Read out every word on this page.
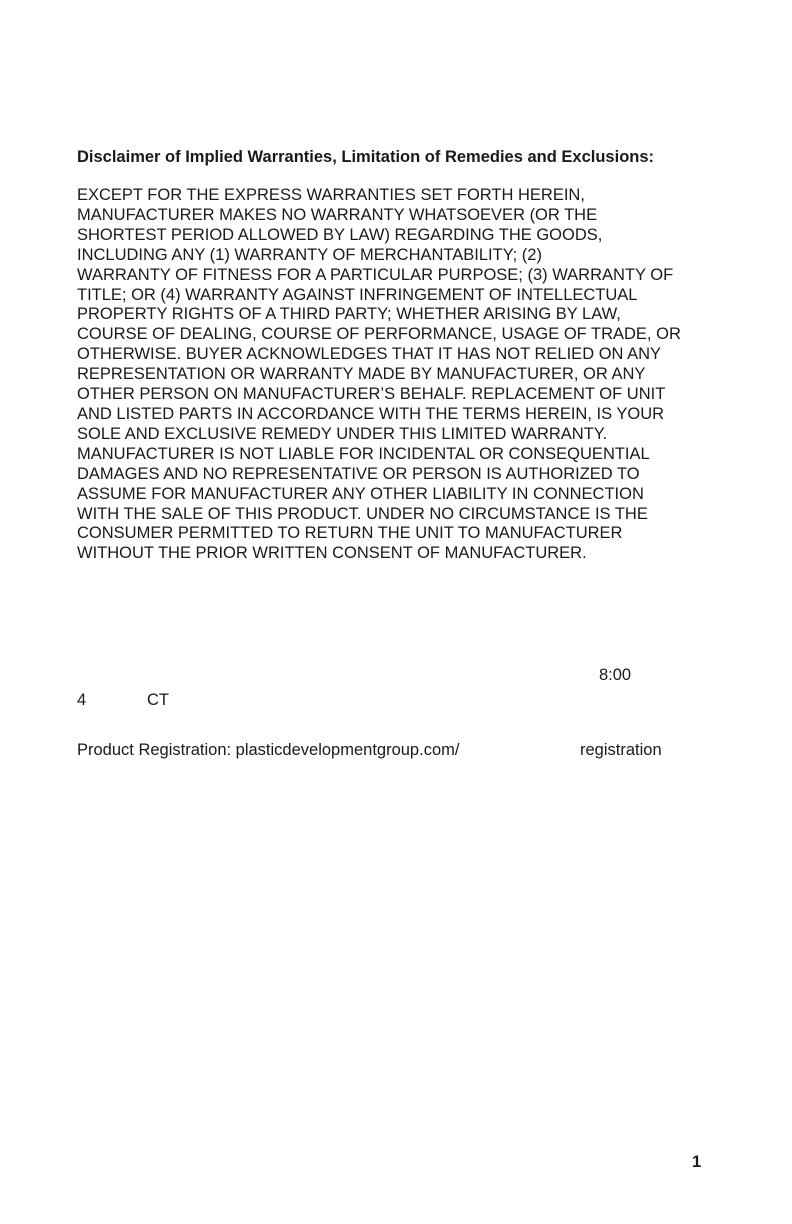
Disclaimer of Implied Warranties, Limitation of Remedies and Exclusions:

EXCEPT FOR THE EXPRESS WARRANTIES SET FORTH HEREIN,
MANUFACTURER MAKES NO WARRANTY WHATSOEVER (OR THE
SHORTEST PERIOD ALLOWED BY LAW) REGARDING THE GOODS,
INCLUDING ANY (1) WARRANTY OF MERCHANTABILITY; (2)
WARRANTY OF FITNESS FOR A PARTICULAR PURPOSE; (3) WARRANTY OF
TITLE; OR (4) WARRANTY AGAINST INFRINGEMENT OF INTELLECTUAL
PROPERTY RIGHTS OF A THIRD PARTY; WHETHER ARISING BY LAW,
COURSE OF DEALING, COURSE OF PERFORMANCE, USAGE OF TRADE, OR
OTHERWISE. BUYER ACKNOWLEDGES THAT IT HAS NOT RELIED ON ANY
REPRESENTATION OR WARRANTY MADE BY MANUFACTURER, OR ANY
OTHER PERSON ON MANUFACTURER’S BEHALF. REPLACEMENT OF UNIT
AND LISTED PARTS IN ACCORDANCE WITH THE TERMS HEREIN, IS YOUR
SOLE AND EXCLUSIVE REMEDY UNDER THIS LIMITED WARRANTY.
MANUFACTURER IS NOT LIABLE FOR INCIDENTAL OR CONSEQUENTIAL
DAMAGES AND NO REPRESENTATIVE OR PERSON IS AUTHORIZED TO
ASSUME FOR MANUFACTURER ANY OTHER LIABILITY IN CONNECTION
WITH THE SALE OF THIS PRODUCT. UNDER NO CIRCUMSTANCE IS THE
CONSUMER PERMITTED TO RETURN THE UNIT TO MANUFACTURER
WITHOUT THE PRIOR WRITTEN CONSENT OF MANUFACTURER.

8:00

4	CT

Product Registration: plasticdevelopmentgroup.com/	registration

1
